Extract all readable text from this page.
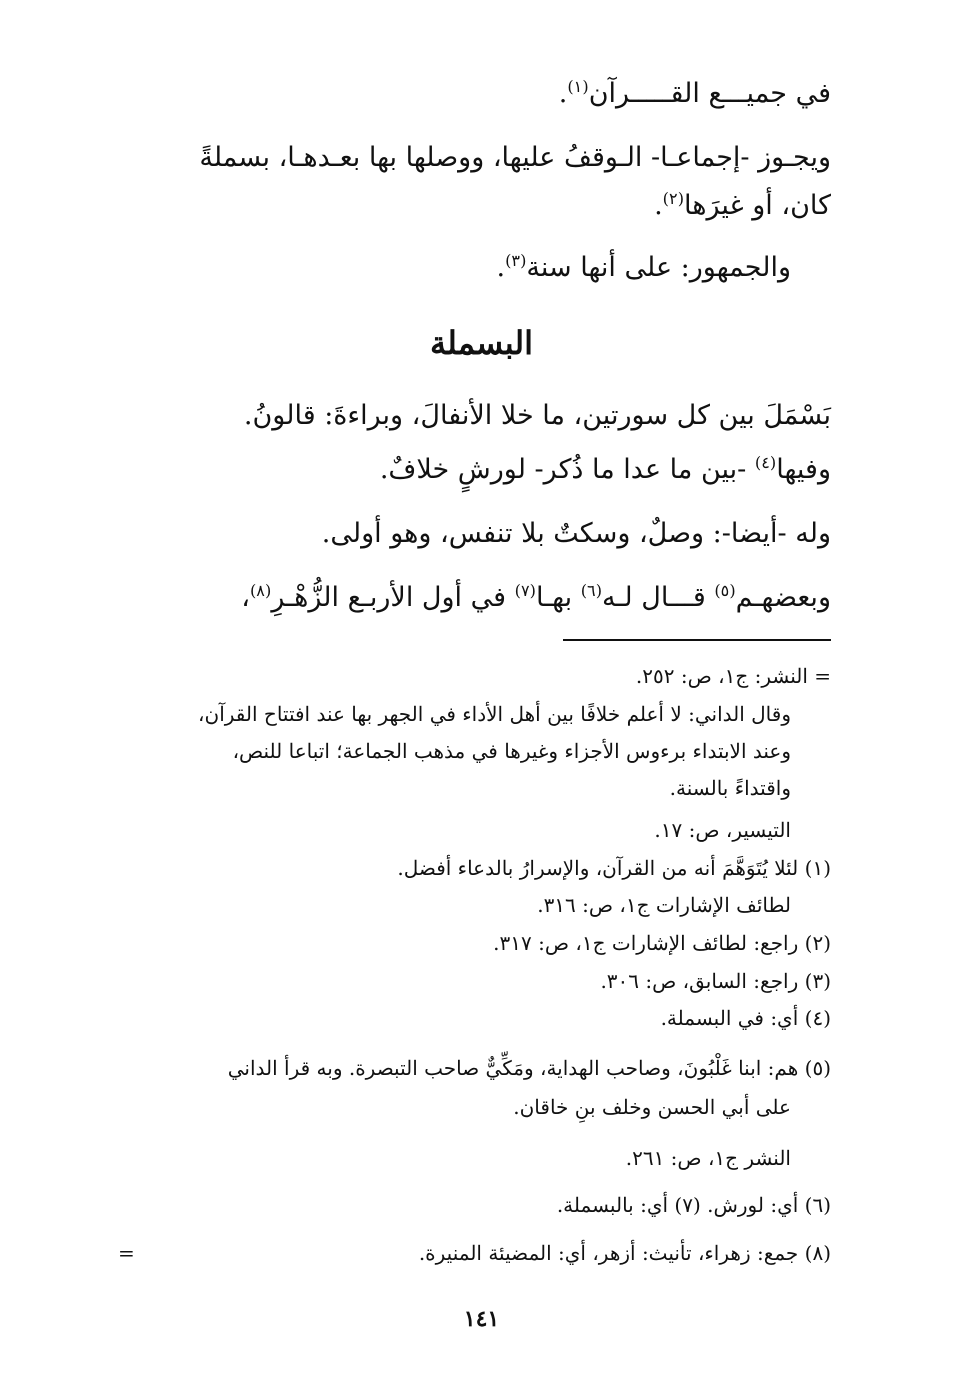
في جميـــع القـــــرآن$^{(١)}$.
ويجـوز -إجماعـا- الـوقفُ عليها، ووصلها بها بعـدهـا، بسملةً
كان، أو غيرَها$^{(٢)}$.
والجمهور: على أنها سنة$^{(٣)}$.
البسملة
بَسْمَلَ بين كل سورتين، ما خلا الأنفالَ، وبراءةَ: قالونُ.
وفيها$^{(٤)}$ -بين ما عدا ما ذُكر- لورشٍ خلافٌ.
وله -أيضا-: وصلٌ، وسكتٌ بلا تنفس، وهو أولى.
وبعضهـم$^{(٥)}$ قـــال لـه$^{(٦)}$ بهـا$^{(٧)}$ في أول الأربـع الزُّهْـرِ$^{(٨)}$،
= النشر: ج١، ص: ٢٥٢.
وقال الداني: لا أعلم خلافًا بين أهل الأداء في الجهر بها عند افتتاح القرآن،
وعند الابتداء برءوس الأجزاء وغيرها في مذهب الجماعة؛ اتباعا للنص،
واقتداءً بالسنة.
التيسير، ص: ١٧.
(١) لئلا يُتَوَهَّمَ أنه من القرآن، والإسرارُ بالدعاء أفضل.
لطائف الإشارات ج١، ص: ٣١٦.
(٢) راجع: لطائف الإشارات ج١، ص: ٣١٧.
(٣) راجع: السابق، ص: ٣٠٦.
(٤) أي: في البسملة.
(٥) هم: ابنا غَلْبُونَ، وصاحب الهداية، ومَكِّيٌّ صاحب التبصرة. وبه قرأ الداني
على أبي الحسن وخلف بنِ خاقان.
النشر ج١، ص: ٢٦١.
(٦) أي: لورش. (٧) أي: بالبسملة.
(٨) جمع: زهراء، تأنيث: أزهر، أي: المضيئة المنيرة.
=
١٤١
